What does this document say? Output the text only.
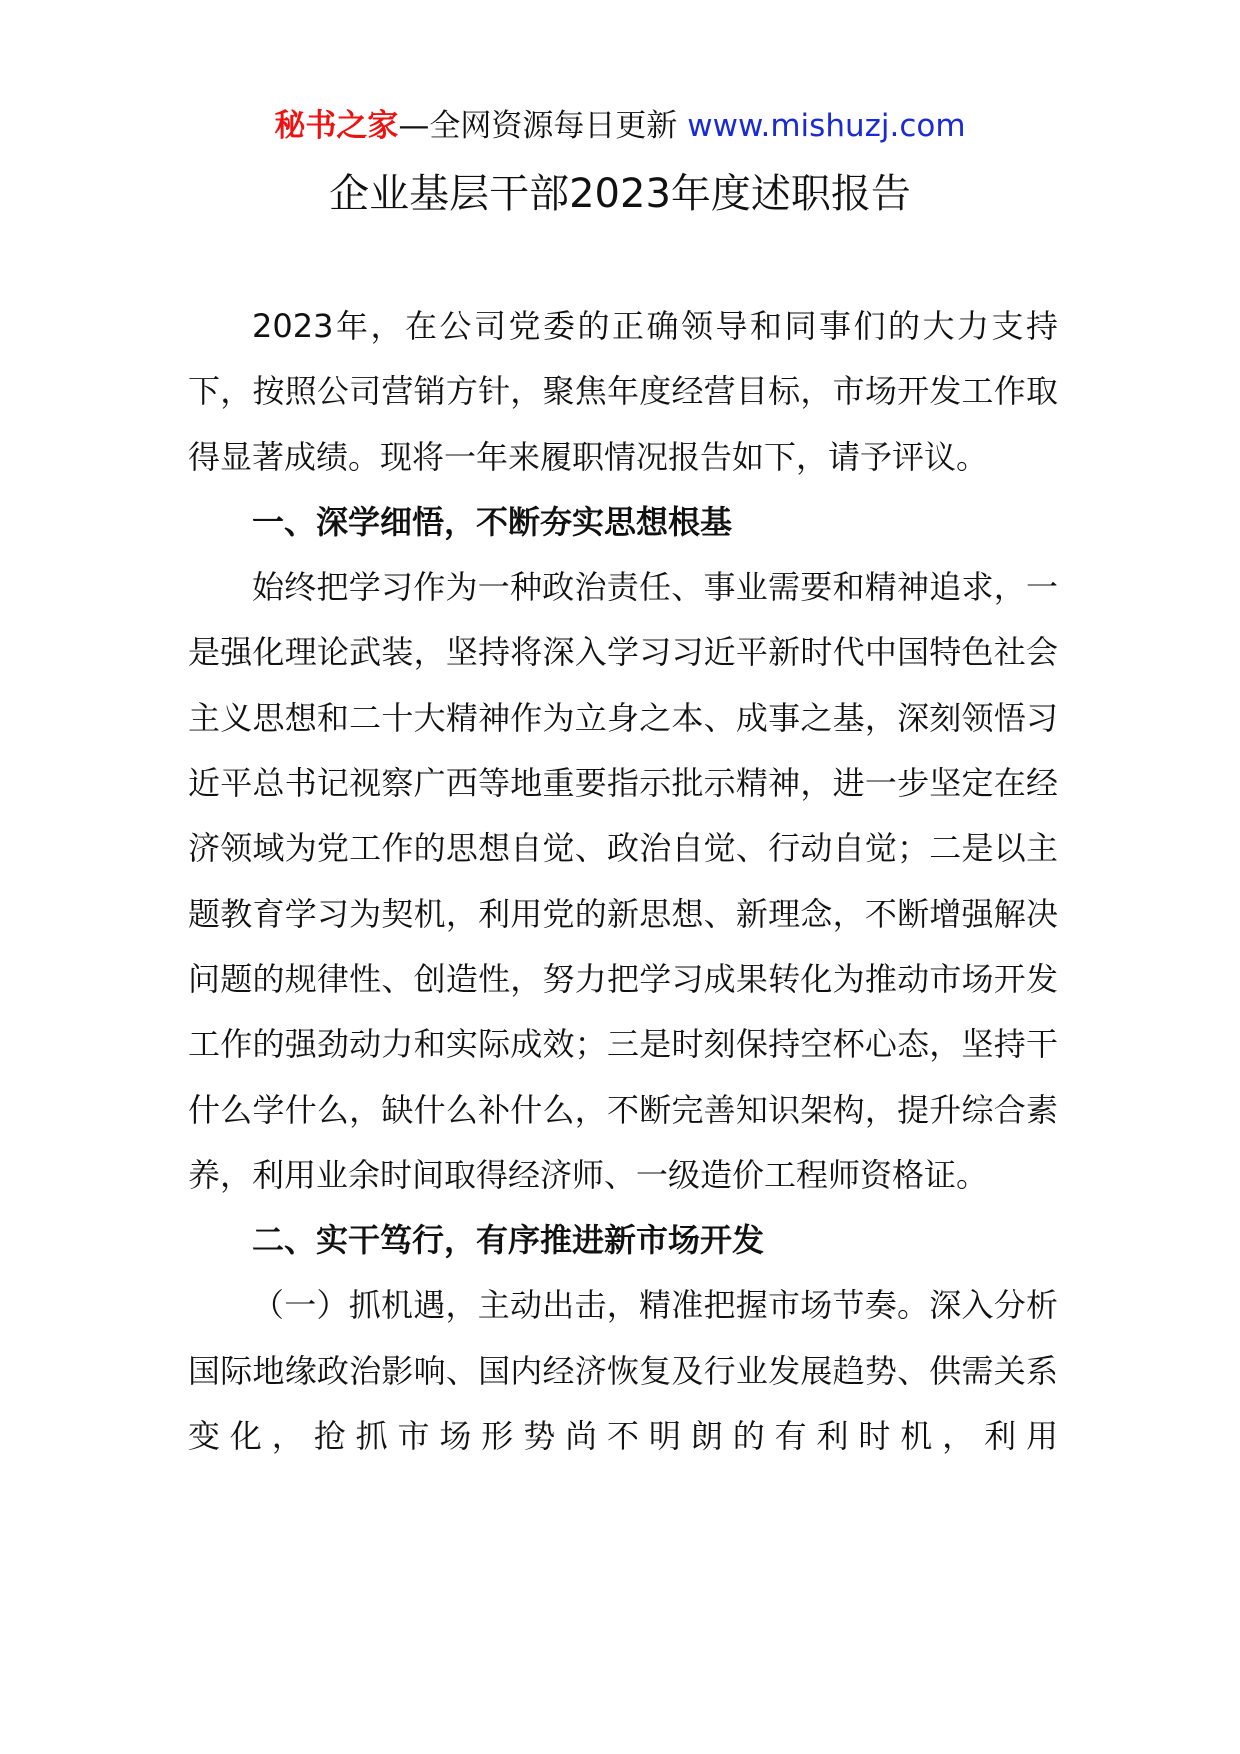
秘书之家—全网资源每日更新 www.mishuzj.com
企业基层干部2023年度述职报告

2023年，在公司党委的正确领导和同事们的大力支持下，按照公司营销方针，聚焦年度经营目标，市场开发工作取得显著成绩。现将一年来履职情况报告如下，请予评议。

一、深学细悟，不断夯实思想根基

始终把学习作为一种政治责任、事业需要和精神追求，一是强化理论武装，坚持将深入学习习近平新时代中国特色社会主义思想和二十大精神作为立身之本、成事之基，深刻领悟习近平总书记视察广西等地重要指示批示精神，进一步坚定在经济领域为党工作的思想自觉、政治自觉、行动自觉；二是以主题教育学习为契机，利用党的新思想、新理念，不断增强解决问题的规律性、创造性，努力把学习成果转化为推动市场开发工作的强劲动力和实际成效；三是时刻保持空杯心态，坚持干什么学什么，缺什么补什么，不断完善知识架构，提升综合素养，利用业余时间取得经济师、一级造价工程师资格证。

二、实干笃行，有序推进新市场开发

（一）抓机遇，主动出击，精准把握市场节奏。深入分析国际地缘政治影响、国内经济恢复及行业发展趋势、供需关系变化，抢抓市场形势尚不明朗的有利时机，利用
